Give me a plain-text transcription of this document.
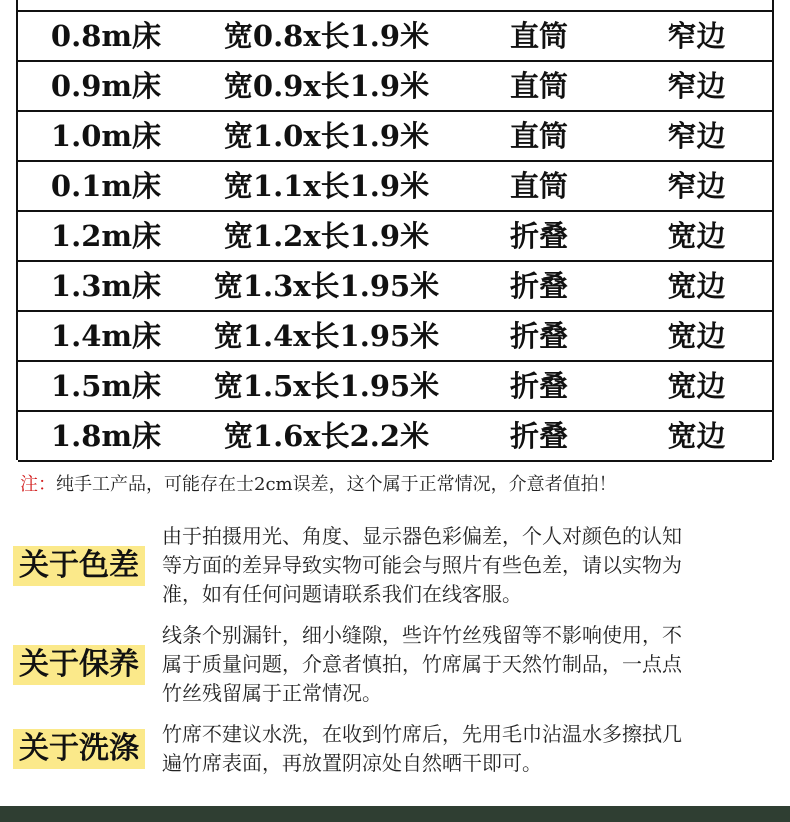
0.8m床	宽0.8x长1.9米	直筒	窄边
0.9m床	宽0.9x长1.9米	直筒	窄边
1.0m床	宽1.0x长1.9米	直筒	窄边
0.1m床	宽1.1x长1.9米	直筒	窄边
1.2m床	宽1.2x长1.9米	折叠	宽边
1.3m床	宽1.3x长1.95米	折叠	宽边
1.4m床	宽1.4x长1.95米	折叠	宽边
1.5m床	宽1.5x长1.95米	折叠	宽边
1.8m床	宽1.6x长2.2米	折叠	宽边
注：纯手工产品，可能存在士2cm误差，这个属于正常情况，介意者值拍！
关于色差

由于拍摄用光、角度、显示器色彩偏差，个人对颜色的认知

等方面的差异导致实物可能会与照片有些色差，请以实物为

准，如有任何问题请联系我们在线客服。

关于保养

线条个别漏针，细小缝隙，些许竹丝残留等不影响使用，不

属于质量问题，介意者慎拍，竹席属于天然竹制品，一点点

竹丝残留属于正常情况。

关于洗涤	竹席不建议水洗，在收到竹席后，先用毛巾沾温水多擦拭几

遍竹席表面，再放置阴凉处自然晒干即可。
